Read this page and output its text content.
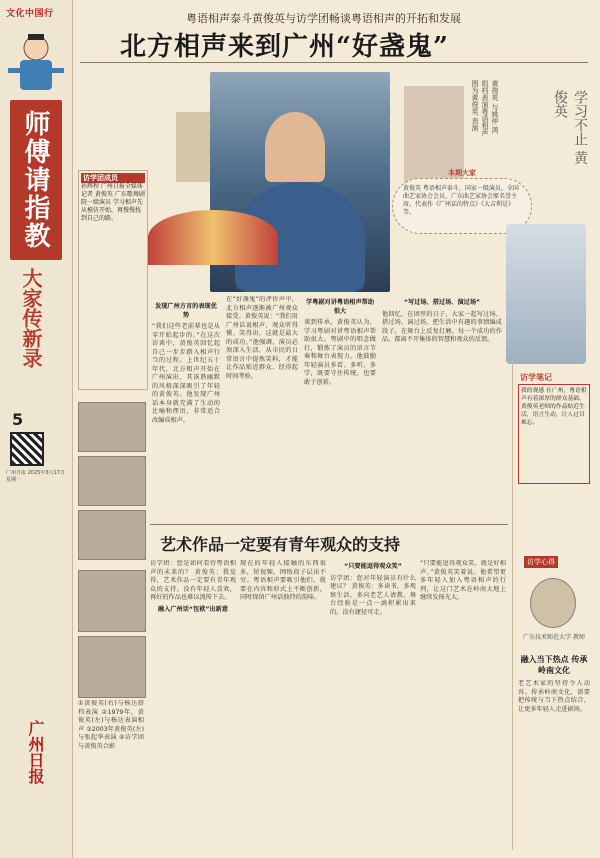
文化中国行
师傅请指教
大家传新录
5
广州日报 2025年3月17日 星期一
广州日报
粤语相声泰斗黄俊英与访学团畅谈粤语相声的开拓和发展
北方相声来到广州“好盏鬼”
黄俊英 与姚仲 鸿组档表演粤语相声 图为黄俊英 表演	学习不止 黄俊英
本期大家
黄俊英 粤语相声泰斗，国家一级演员，全国曲艺家协会会员，广东曲艺家协会原名誉主席。代表作《广州话的特点》《大吉利是》等。
访学团成员
孙辉程 广州日报全媒体记者 黄俊英 广东歌舞剧院一级演员 学习相声先从模仿开始，再慢慢找到自己的路。
发现广州方言的表现优势
“我们这些老前辈也是从零开始起步的。”在这次访谈中，黄俊英回忆起自己一步步踏入相声行当的过程。上世纪五十年代，北方相声开始在广州演出，其诙谐幽默的风格深深吸引了年轻的黄俊英。他发现广州话本身就充满了生动的比喻和俚语，非常适合改编成相声。
在“好盏鬼”的评价声中，北方相声逐渐被广州观众接受。黄俊英说：“我们用广州话说相声，观众听得懂、笑得出，这就是最大的成功。”他强调，演员必须深入生活，从市民的日常语言中提炼笑料，才能让作品贴近群众、经得起时间考验。
学粤剧对讲粤语相声帮助很大
谈到传承，黄俊英认为，学习粤剧对讲粤语相声帮助很大。粤剧中的唱念做打，锻炼了演员的语言节奏和舞台表现力。他鼓励年轻演员多看、多听、多学，既要守住传统，也要敢于创新。
“写过场、搭过场、演过场”
他回忆，在团里的日子，大家一起写过场、搭过场、演过场，把生活中有趣的事情编成段子，在舞台上反复打磨。每一个成功的作品，都离不开集体的智慧和观众的反馈。
①黄俊英(右)与杨达搭档表演 ②1979年，黄俊英(左)与杨达表演相声 ③2003年黄俊英(左)与张起华表演 ④访学团与黄俊英合影
艺术作品一定要有青年观众的支持
访学团：您是如何看待粤语相声的未来的？ 黄俊英：我觉得，艺术作品一定要有青年观众的支持。没有年轻人喜欢，再好的作品也难以流传下去。
融入广州话“包袱”出新意
现在的年轻人接触的东西很多，短视频、网络段子层出不穷。粤语相声要吸引他们，就要在内容和形式上不断创新，同时保留广州话独特的韵味。
“只要能逗得观众笑”
访学团：您对年轻演员有什么建议？ 黄俊英：多读书，多观察生活，多向老艺人请教。舞台经验是一点一滴积累出来的，没有捷径可走。
“只要能逗得观众笑，就是好相声。”黄俊英笑着说。他希望更多年轻人加入粤语相声的行列，让这门艺术在岭南大地上继续发扬光大。
访学笔记
我的观感 在广州，粤语相声有着深厚的群众基础。黄俊英老师的作品贴近生活，语言生动，让人过目难忘。
访学心得
广东技术师范大学 教师
融入当下热点 传承岭南文化
老艺术家的坚持令人动容。传承岭南文化，需要把传统与当下热点结合，让更多年轻人走进剧场。
